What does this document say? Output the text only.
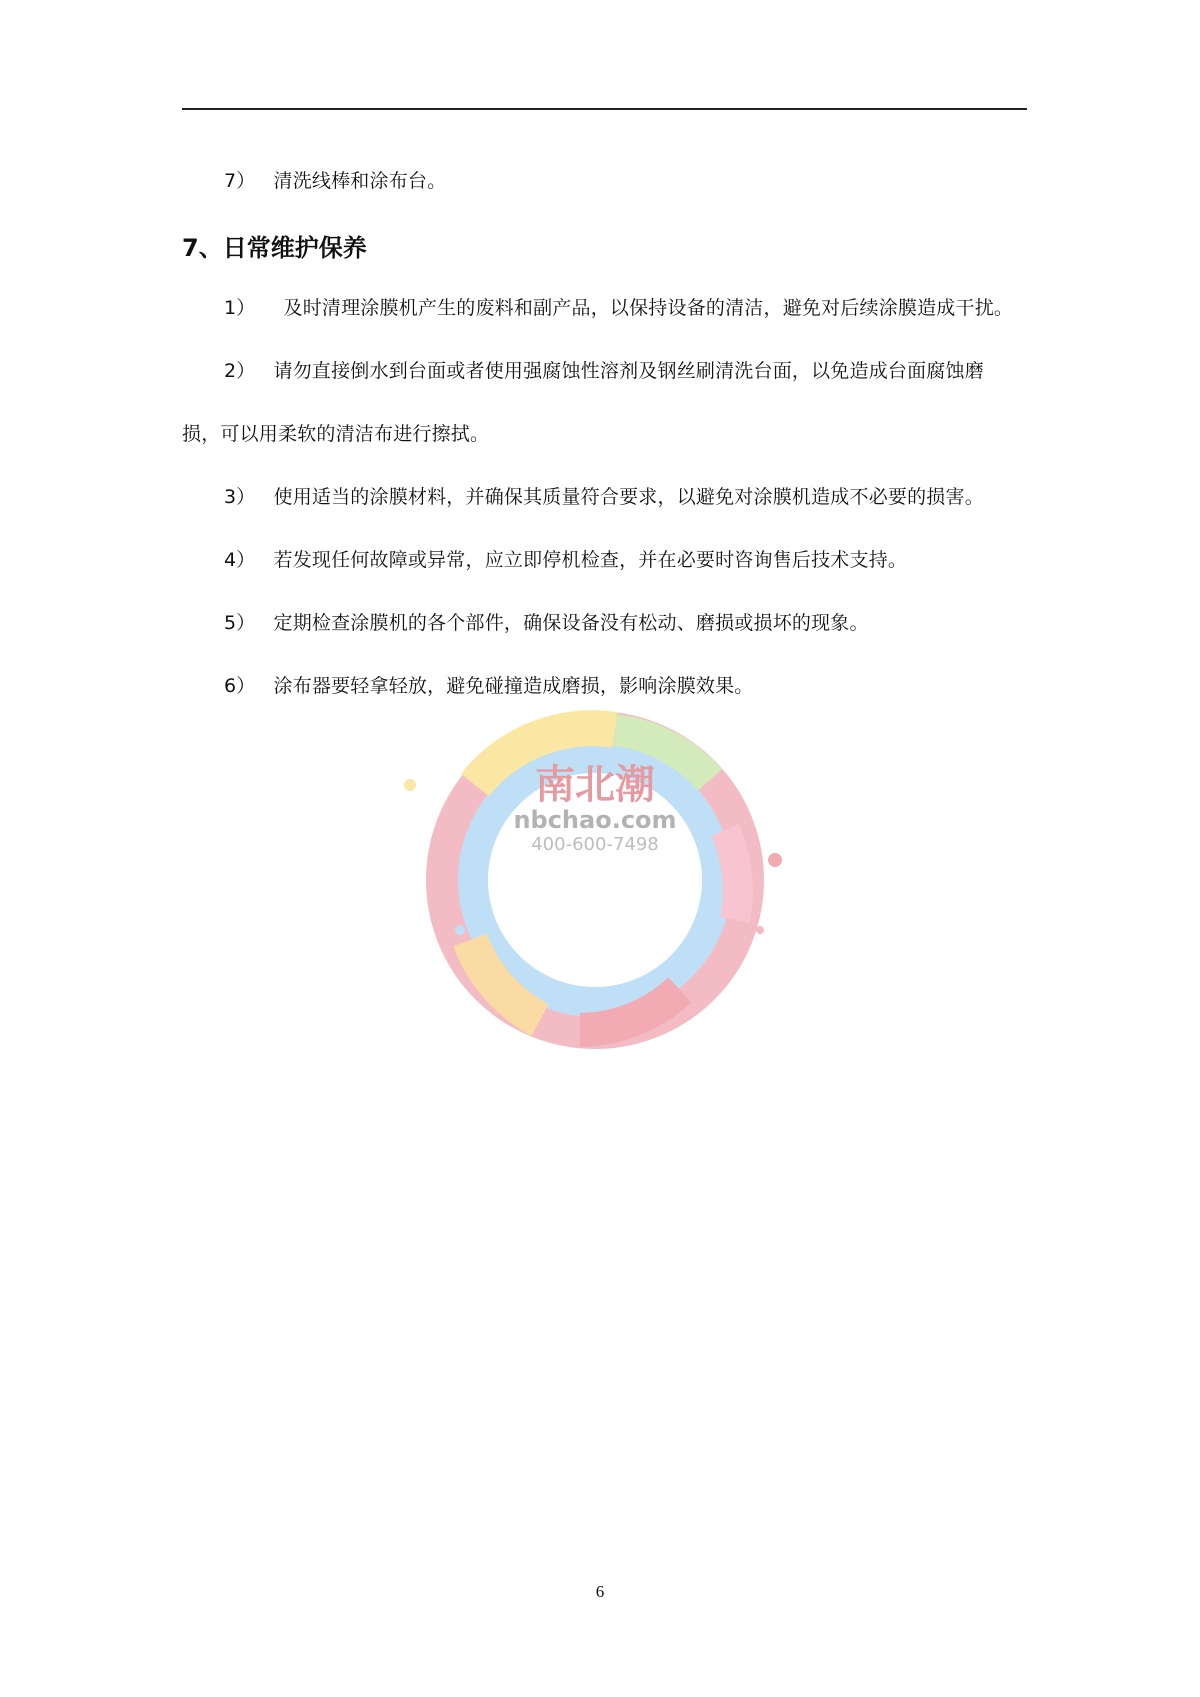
7） 清洗线棒和涂布台。
7、日常维护保养
1） 及时清理涂膜机产生的废料和副产品，以保持设备的清洁，避免对后续涂膜造成干扰。
2） 请勿直接倒水到台面或者使用强腐蚀性溶剂及钢丝刷清洗台面，以免造成台面腐蚀磨
损，可以用柔软的清洁布进行擦拭。
3） 使用适当的涂膜材料，并确保其质量符合要求，以避免对涂膜机造成不必要的损害。
4） 若发现任何故障或异常，应立即停机检查，并在必要时咨询售后技术支持。
5） 定期检查涂膜机的各个部件，确保设备没有松动、磨损或损坏的现象。
6） 涂布器要轻拿轻放，避免碰撞造成磨损，影响涂膜效果。
南北潮
nbchao.com
400-600-7498
6
